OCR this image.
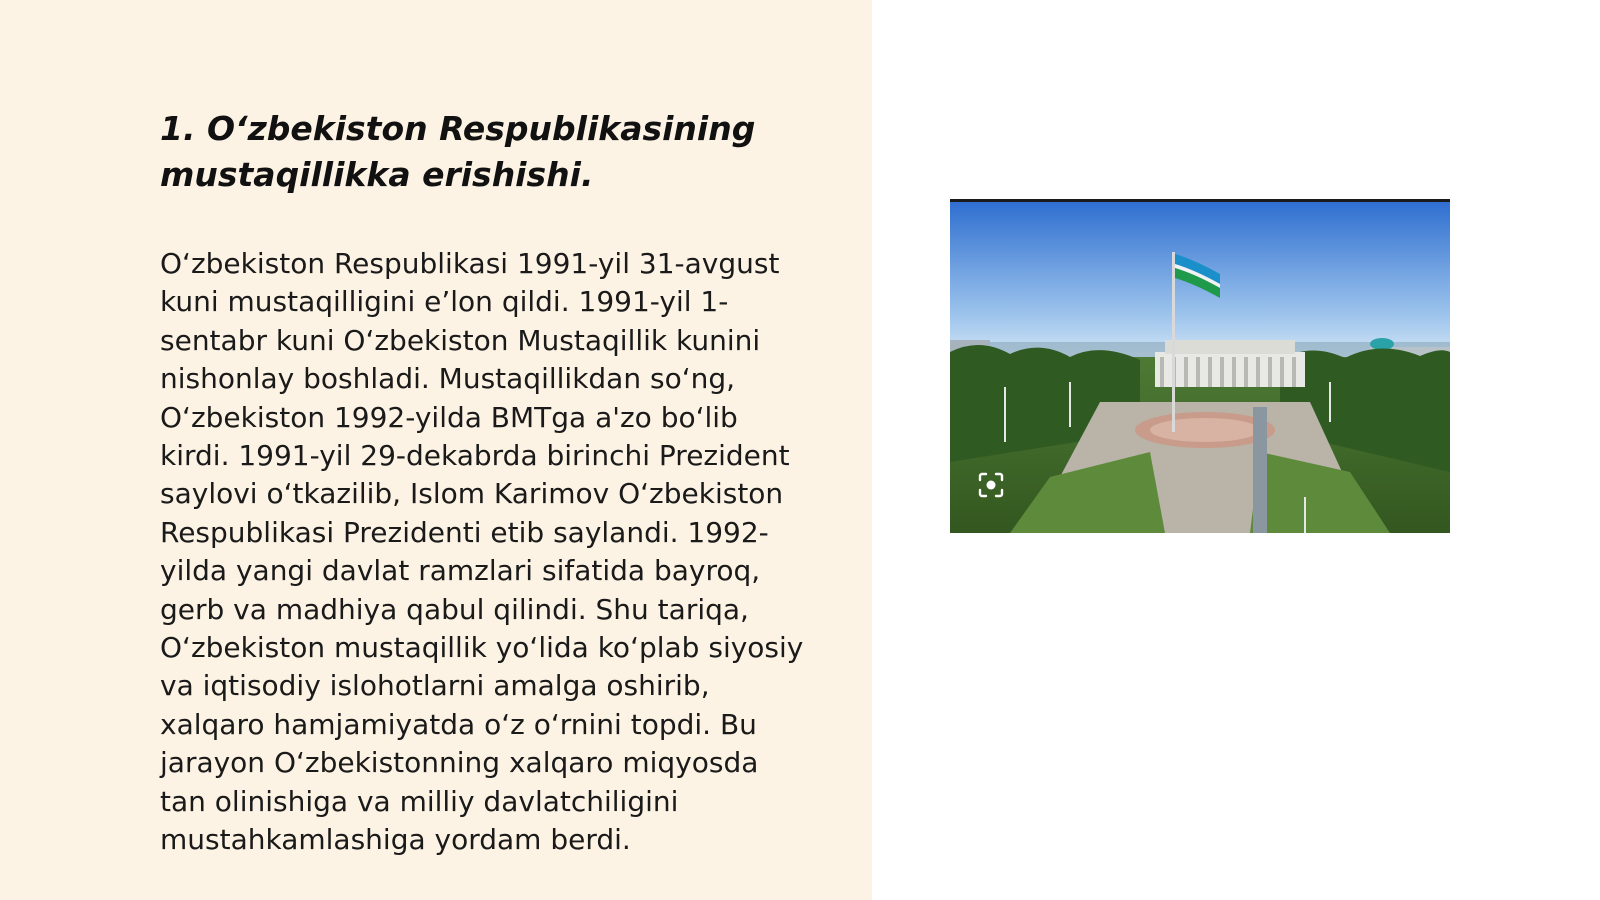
1. O‘zbekiston Respublikasining
mustaqillikka erishishi.

O‘zbekiston Respublikasi 1991-yil 31-avgust
kuni mustaqilligini e’lon qildi. 1991-yil 1-
sentabr kuni O‘zbekiston Mustaqillik kunini
nishonlay boshladi. Mustaqillikdan so‘ng,
O‘zbekiston 1992-yilda BMTga a'zo bo‘lib
kirdi. 1991-yil 29-dekabrda birinchi Prezident
saylovi o‘tkazilib, Islom Karimov O‘zbekiston
Respublikasi Prezidenti etib saylandi. 1992-
yilda yangi davlat ramzlari sifatida bayroq,
gerb va madhiya qabul qilindi. Shu tariqa,
O‘zbekiston mustaqillik yo‘lida ko‘plab siyosiy
va iqtisodiy islohotlarni amalga oshirib,
xalqaro hamjamiyatda o‘z o‘rnini topdi. Bu
jarayon O‘zbekistonning xalqaro miqyosda
tan olinishiga va milliy davlatchiligini
mustahkamlashiga yordam berdi.
